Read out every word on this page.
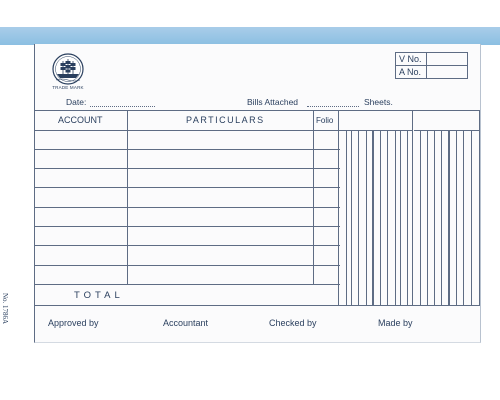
TRADE MARK
V No.	
A No.	
Date:	Bills Attached	Sheets.
ACCOUNT	PARTICULARS	Folio
TOTAL
Approved by	Accountant	Checked by	Made by
No. 1786A
